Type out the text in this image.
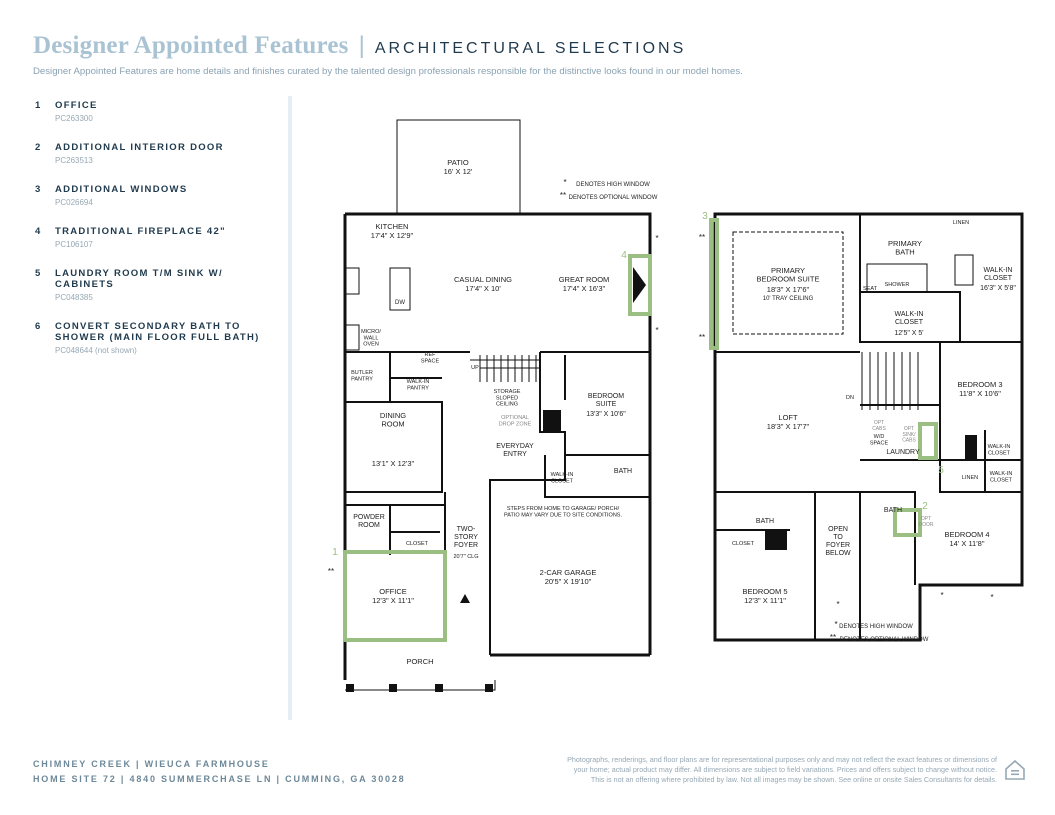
Designer Appointed Features | ARCHITECTURAL SELECTIONS
Designer Appointed Features are home details and finishes curated by the talented design professionals responsible for the distinctive looks found in our model homes.
1	OFFICE
PC263300
2	ADDITIONAL INTERIOR DOOR
PC263513
3	ADDITIONAL WINDOWS
PC026694
4	TRADITIONAL FIREPLACE 42"
PC106107
5	LAUNDRY ROOM T/M SINK W/ CABINETS
PC048385
6	CONVERT SECONDARY BATH TO SHOWER (MAIN FLOOR FULL BATH)
PC048644 (not shown)
PATIO
16' X 12'
DENOTES HIGH WINDOW
DENOTES OPTIONAL WINDOW
KITCHEN
17'4" X 12'9"
CASUAL DINING
17'4" X 10'
GREAT ROOM
17'4" X 16'3"
DW
DINING ROOM
13'1" X 12'3"
BEDROOM SUITE
13'3" X 10'6"
EVERYDAY ENTRY
BATH
POWDER ROOM
CLOSET
TWO-STORY FOYER
20'7" CLG
STEPS FROM HOME TO GARAGE/ PORCH/ PATIO MAY VARY DUE TO SITE CONDITIONS.
OFFICE
12'3" X 11'1"
2-CAR GARAGE
20'5" X 19'10"
PORCH
UP
STORAGE SLOPED CEILING
OPTIONAL DROP ZONE
WALK-IN CLOSET
BUTLER PANTRY	WALK-IN PANTRY
MICRO/ WALL OVEN
REF SPACE
LINEN
PRIMARY BEDROOM SUITE
18'3" X 17'6"
10' TRAY CEILING
PRIMARY BATH
SEAT
SHOWER
WALK-IN CLOSET
16'3" X 5'8"
WALK-IN CLOSET
12'5" X 5'
DN
LOFT
18'3" X 17'7"
BEDROOM 3
11'8" X 10'6"
OPT CABS
W/D SPACE
OPT SINK/ CABS
LAUNDRY
WALK-IN CLOSET
LINEN
WALK-IN CLOSET
BATH
CLOSET
BEDROOM 5
12'3" X 11'1"
OPEN TO FOYER BELOW
BATH
OPT DOOR
BEDROOM 4
14' X 11'8"
DENOTES HIGH WINDOW
DENOTES OPTIONAL WINDOW
1
2
3
4
5
**
**
**
*
*
*
*	*
*
**
*
**
CHIMNEY CREEK | WIEUCA FARMHOUSE
HOME SITE 72 | 4840 SUMMERCHASE LN | CUMMING, GA 30028
Photographs, renderings, and floor plans are for representational purposes only and may not reflect the exact features or dimensions of
your home; actual product may differ. All dimensions are subject to field variations. Prices and offers subject to change without notice.
This is not an offering where prohibited by law. Not all images may be shown. See online or onsite Sales Consultants for details.
